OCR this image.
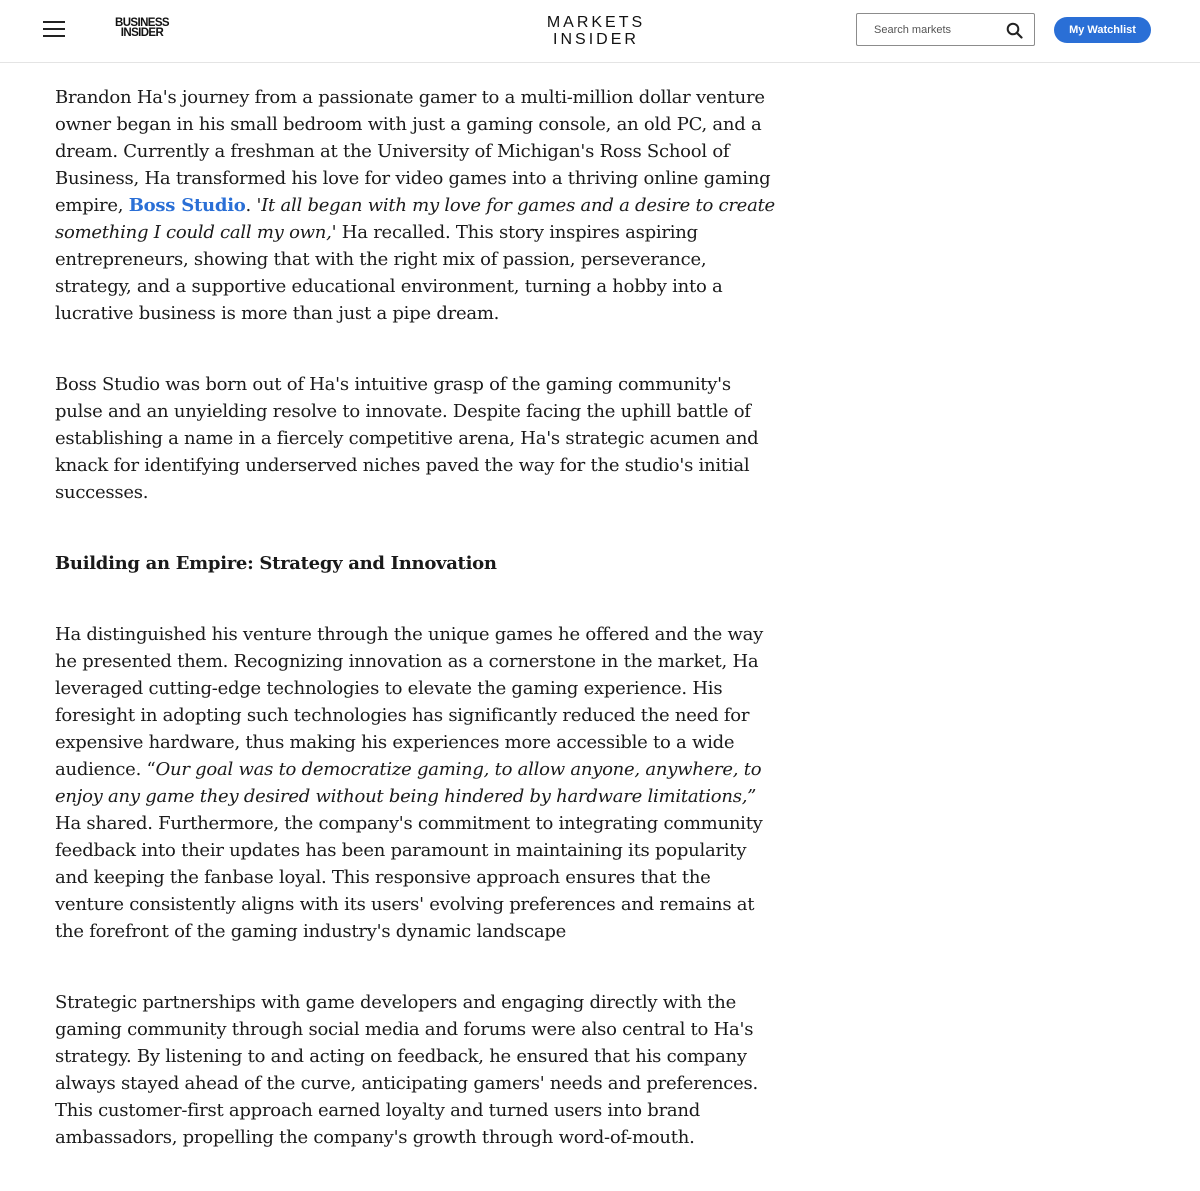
BUSINESS
INSIDER
MARKETS
INSIDER
Search markets
My Watchlist

Brandon Ha's journey from a passionate gamer to a multi-million dollar venture owner began in his small bedroom with just a gaming console, an old PC, and a dream. Currently a freshman at the University of Michigan's Ross School of Business, Ha transformed his love for video games into a thriving online gaming empire, Boss Studio. 'It all began with my love for games and a desire to create something I could call my own,' Ha recalled. This story inspires aspiring entrepreneurs, showing that with the right mix of passion, perseverance, strategy, and a supportive educational environment, turning a hobby into a lucrative business is more than just a pipe dream.

Boss Studio was born out of Ha's intuitive grasp of the gaming community's pulse and an unyielding resolve to innovate. Despite facing the uphill battle of establishing a name in a fiercely competitive arena, Ha's strategic acumen and knack for identifying underserved niches paved the way for the studio's initial successes.

Building an Empire: Strategy and Innovation

Ha distinguished his venture through the unique games he offered and the way he presented them. Recognizing innovation as a cornerstone in the market, Ha leveraged cutting-edge technologies to elevate the gaming experience. His foresight in adopting such technologies has significantly reduced the need for expensive hardware, thus making his experiences more accessible to a wide audience. “Our goal was to democratize gaming, to allow anyone, anywhere, to enjoy any game they desired without being hindered by hardware limitations,” Ha shared. Furthermore, the company's commitment to integrating community feedback into their updates has been paramount in maintaining its popularity and keeping the fanbase loyal. This responsive approach ensures that the venture consistently aligns with its users' evolving preferences and remains at the forefront of the gaming industry's dynamic landscape

Strategic partnerships with game developers and engaging directly with the gaming community through social media and forums were also central to Ha's strategy. By listening to and acting on feedback, he ensured that his company always stayed ahead of the curve, anticipating gamers' needs and preferences. This customer-first approach earned loyalty and turned users into brand ambassadors, propelling the company's growth through word-of-mouth.
